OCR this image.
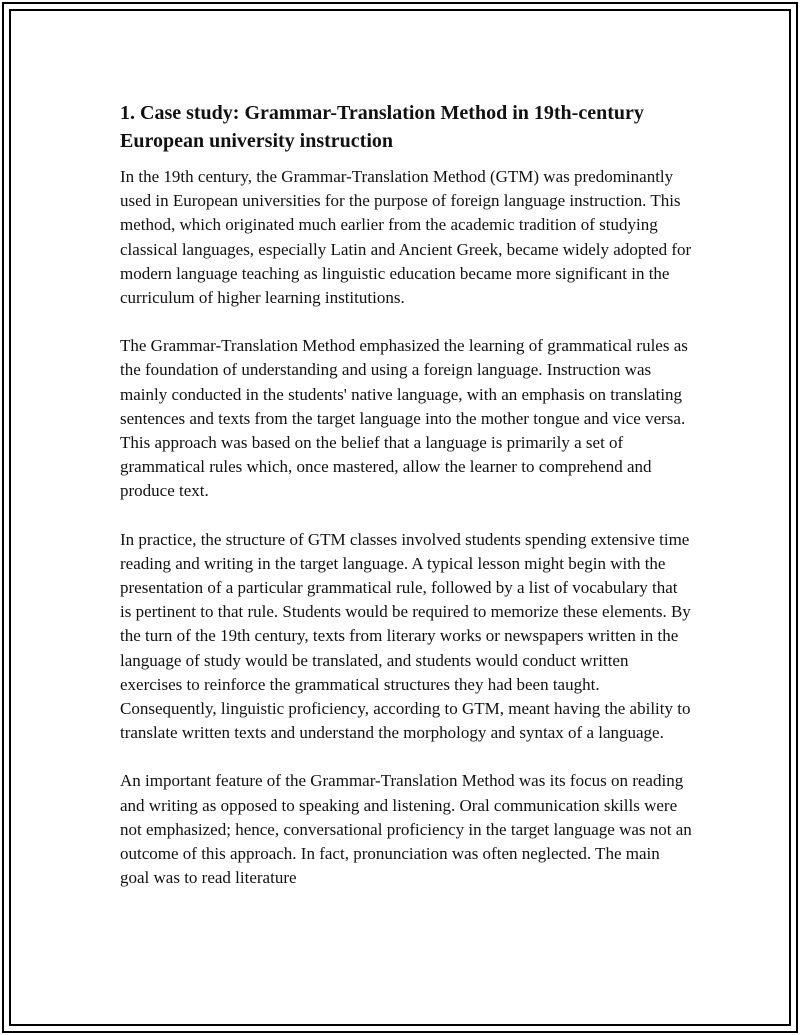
1. Case study: Grammar-Translation Method in 19th-century European university instruction

In the 19th century, the Grammar-Translation Method (GTM) was predominantly used in European universities for the purpose of foreign language instruction. This method, which originated much earlier from the academic tradition of studying classical languages, especially Latin and Ancient Greek, became widely adopted for modern language teaching as linguistic education became more significant in the curriculum of higher learning institutions.

The Grammar-Translation Method emphasized the learning of grammatical rules as the foundation of understanding and using a foreign language. Instruction was mainly conducted in the students' native language, with an emphasis on translating sentences and texts from the target language into the mother tongue and vice versa. This approach was based on the belief that a language is primarily a set of grammatical rules which, once mastered, allow the learner to comprehend and produce text.

In practice, the structure of GTM classes involved students spending extensive time reading and writing in the target language. A typical lesson might begin with the presentation of a particular grammatical rule, followed by a list of vocabulary that is pertinent to that rule. Students would be required to memorize these elements. By the turn of the 19th century, texts from literary works or newspapers written in the language of study would be translated, and students would conduct written exercises to reinforce the grammatical structures they had been taught. Consequently, linguistic proficiency, according to GTM, meant having the ability to translate written texts and understand the morphology and syntax of a language.

An important feature of the Grammar-Translation Method was its focus on reading and writing as opposed to speaking and listening. Oral communication skills were not emphasized; hence, conversational proficiency in the target language was not an outcome of this approach. In fact, pronunciation was often neglected. The main goal was to read literature
